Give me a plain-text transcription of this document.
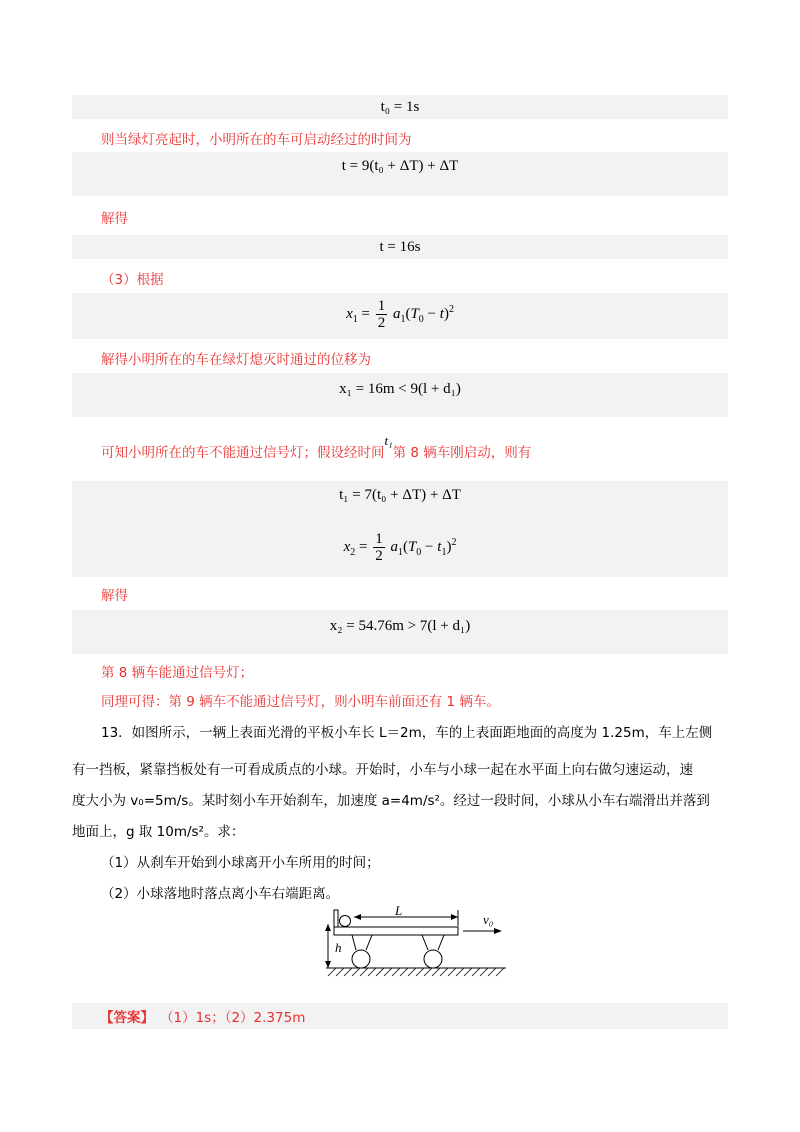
t₀ = 1s
则当绿灯亮起时，小明所在的车可启动经过的时间为
t = 9(t₀ + ΔT) + ΔT
解得
t = 16s
（3）根据
$x_1 = \frac{1}{2} a_1(T_0 - t)^2$
解得小明所在的车在绿灯熄灭时通过的位移为
x₁ = 16m < 9(l + d₁)
可知小明所在的车不能通过信号灯；假设经时间t₁第 8 辆车刚启动，则有
t₁ = 7(t₀ + ΔT) + ΔT
$x_2 = \frac{1}{2} a_1(T_0 - t_1)^2$
解得
x₂ = 54.76m > 7(l + d₁)
第 8 辆车能通过信号灯；
同理可得：第 9 辆车不能通过信号灯，则小明车前面还有 1 辆车。
13．如图所示，一辆上表面光滑的平板小车长 L＝2m，车的上表面距地面的高度为 1.25m，车上左侧
有一挡板，紧靠挡板处有一可看成质点的小球。开始时，小车与小球一起在水平面上向右做匀速运动，速
度大小为 v₀=5m/s。某时刻小车开始刹车，加速度 a=4m/s²。经过一段时间，小球从小车右端滑出并落到
地面上，g 取 10m/s²。求：
（1）从刹车开始到小球离开小车所用的时间；
（2）小球落地时落点离小车右端距离。
h
L
v₀
【答案】 （1）1s；（2）2.375m
